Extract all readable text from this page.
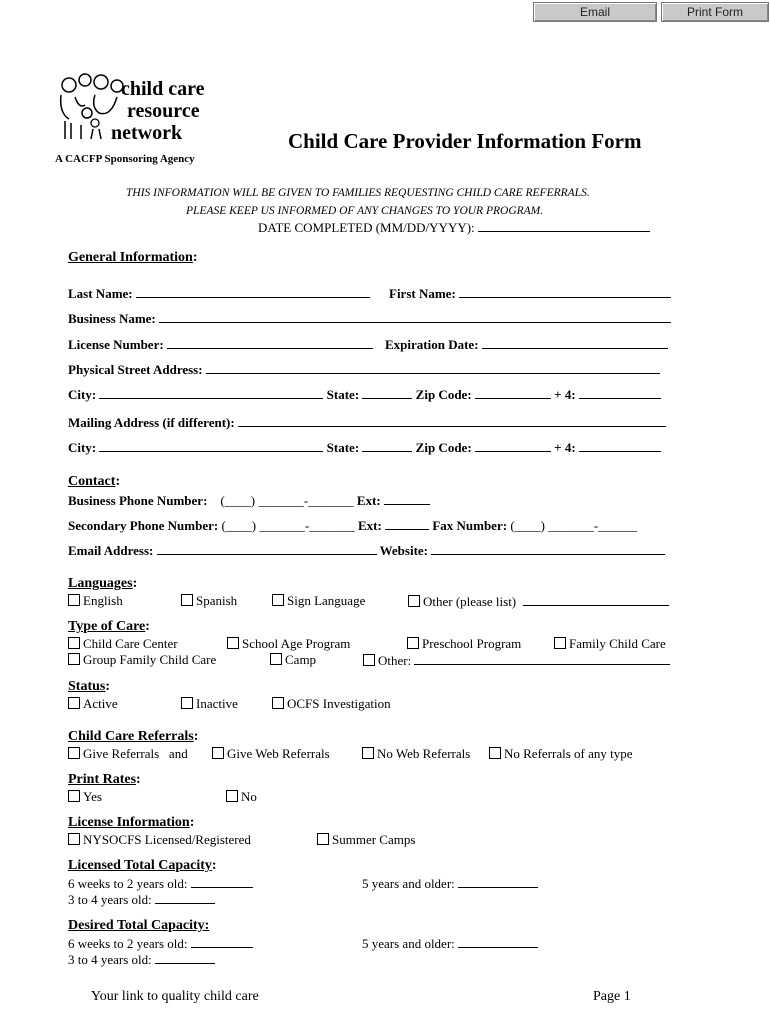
Email	Print Form
child care
resource
network
A CACFP Sponsoring Agency
Child Care Provider Information Form
THIS INFORMATION WILL BE GIVEN TO FAMILIES REQUESTING CHILD CARE REFERRALS.
PLEASE KEEP US INFORMED OF ANY CHANGES TO YOUR PROGRAM.
DATE COMPLETED (MM/DD/YYYY):
General Information:
Last Name:	First Name:
Business Name:
License Number:	Expiration Date:
Physical Street Address:
City:	State:	Zip Code:	+ 4:
Mailing Address (if different):
City:	State:	Zip Code:	+ 4:
Contact:
Business Phone Number: (____) _______-_______ Ext:
Secondary Phone Number: (____) _______-_______ Ext:	Fax Number: (____) _______-______
Email Address:	Website:
Languages:
English	Spanish	Sign Language	Other (please list)
Type of Care:
Child Care Center	School Age Program	Preschool Program	Family Child Care
Group Family Child Care	Camp	Other:
Status:
Active	Inactive	OCFS Investigation
Child Care Referrals:
Give Referrals and	Give Web Referrals	No Web Referrals	No Referrals of any type
Print Rates:
Yes	No
License Information:
NYSOCFS Licensed/Registered	Summer Camps
Licensed Total Capacity:
6 weeks to 2 years old:	5 years and older:
3 to 4 years old:
Desired Total Capacity:
6 weeks to 2 years old:	5 years and older:
3 to 4 years old:
Your link to quality child care	Page 1
